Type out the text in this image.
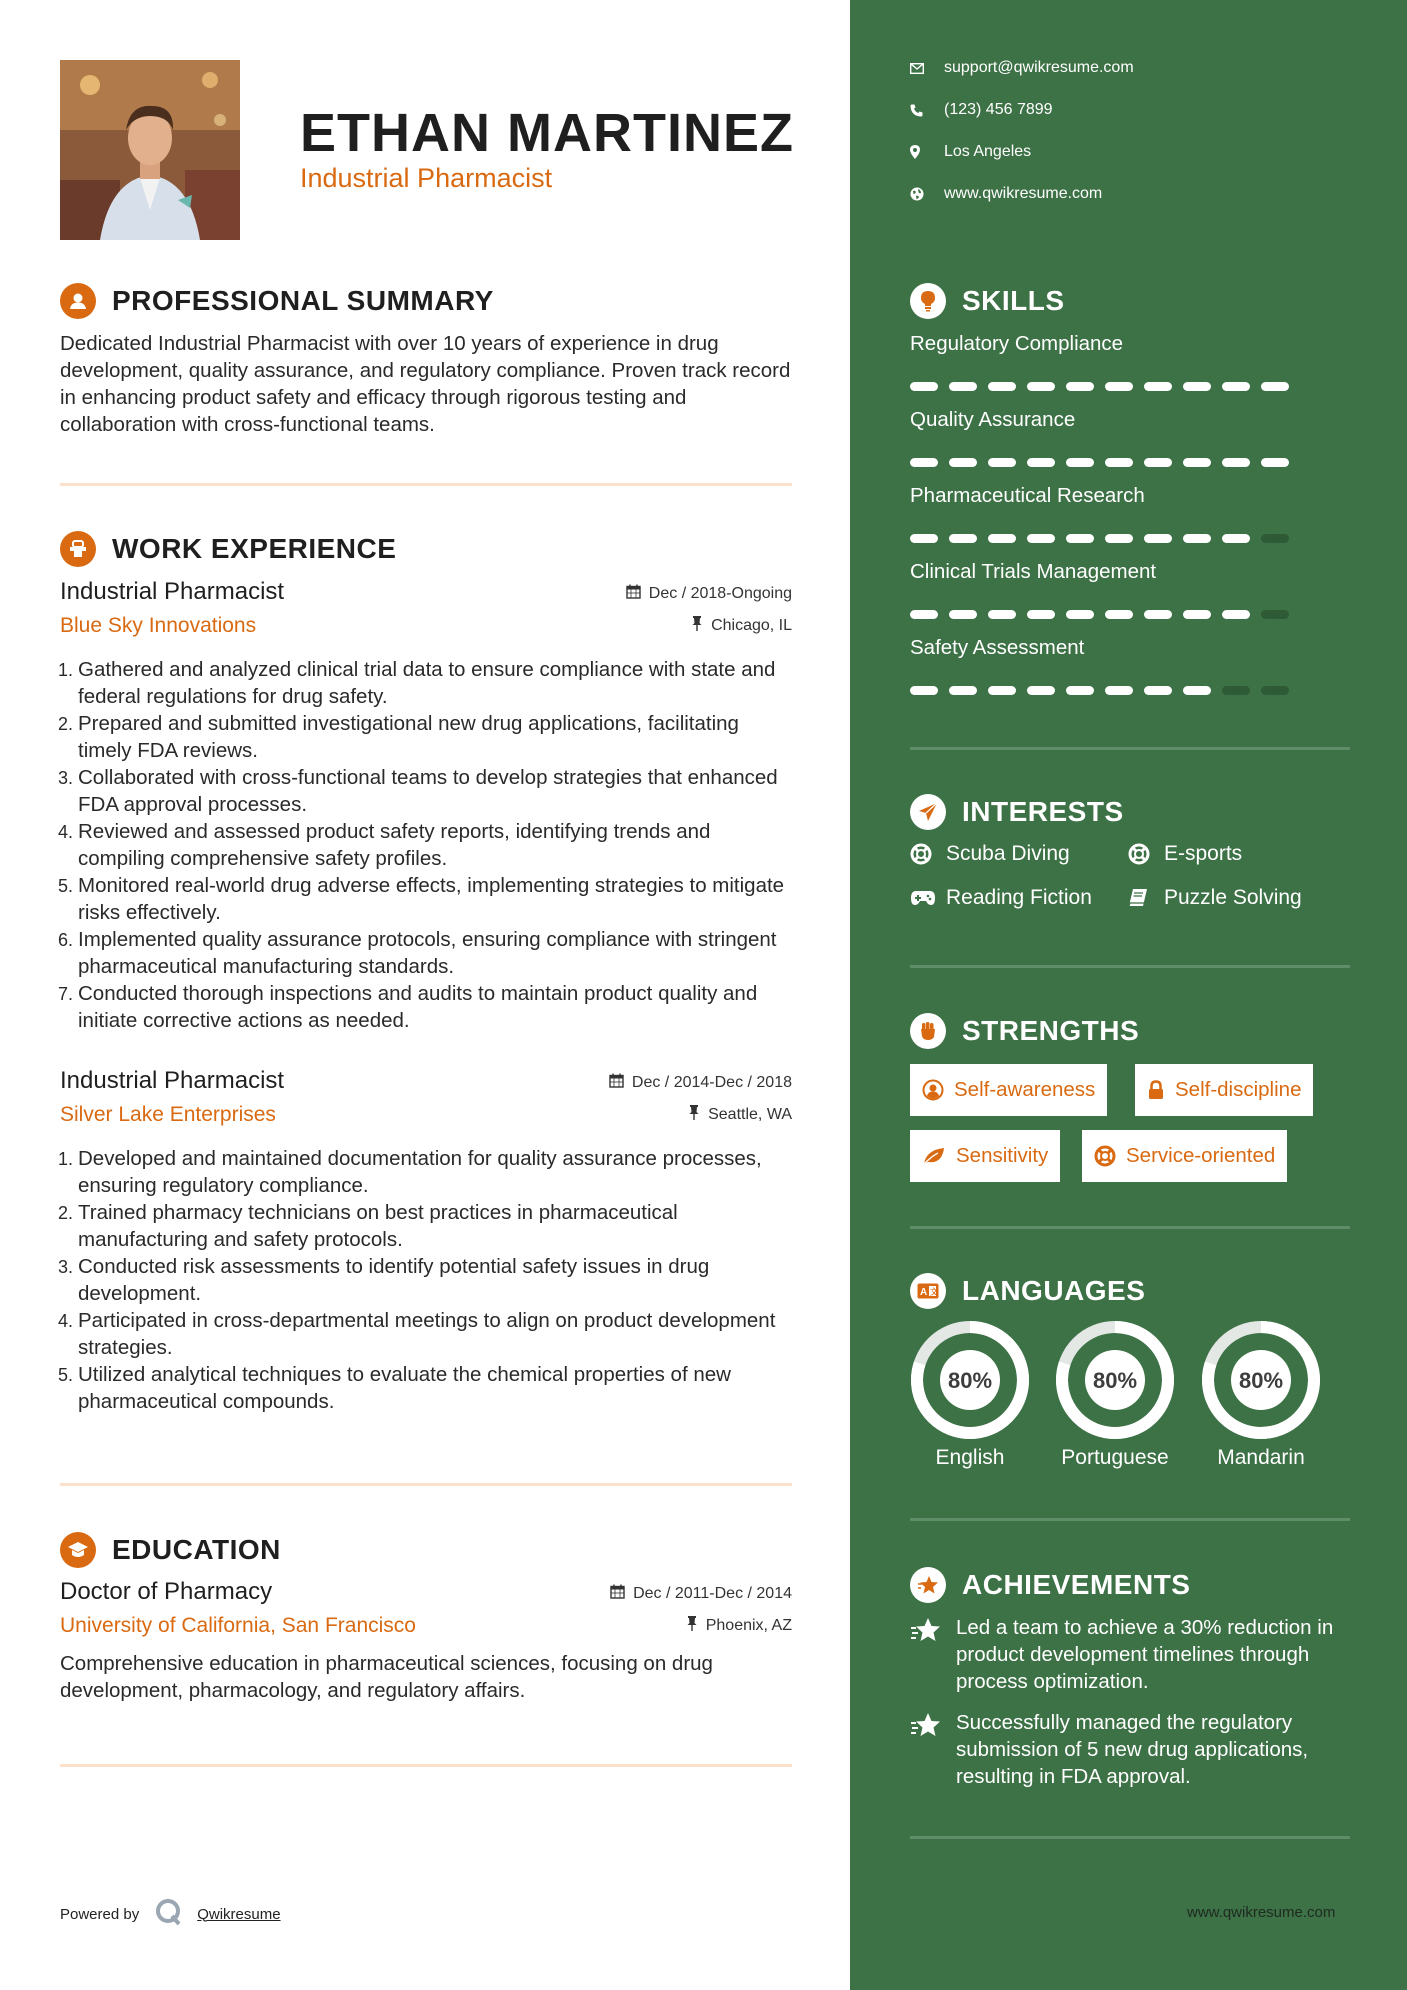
ETHAN MARTINEZ
Industrial Pharmacist
PROFESSIONAL SUMMARY
Dedicated Industrial Pharmacist with over 10 years of experience in drug development, quality assurance, and regulatory compliance. Proven track record in enhancing product safety and efficacy through rigorous testing and collaboration with cross-functional teams.
WORK EXPERIENCE
Industrial Pharmacist
Blue Sky Innovations
Dec / 2018-Ongoing
Chicago, IL
1. Gathered and analyzed clinical trial data to ensure compliance with state and federal regulations for drug safety.
2. Prepared and submitted investigational new drug applications, facilitating timely FDA reviews.
3. Collaborated with cross-functional teams to develop strategies that enhanced FDA approval processes.
4. Reviewed and assessed product safety reports, identifying trends and compiling comprehensive safety profiles.
5. Monitored real-world drug adverse effects, implementing strategies to mitigate risks effectively.
6. Implemented quality assurance protocols, ensuring compliance with stringent pharmaceutical manufacturing standards.
7. Conducted thorough inspections and audits to maintain product quality and initiate corrective actions as needed.
Industrial Pharmacist
Silver Lake Enterprises
Dec / 2014-Dec / 2018
Seattle, WA
1. Developed and maintained documentation for quality assurance processes, ensuring regulatory compliance.
2. Trained pharmacy technicians on best practices in pharmaceutical manufacturing and safety protocols.
3. Conducted risk assessments to identify potential safety issues in drug development.
4. Participated in cross-departmental meetings to align on product development strategies.
5. Utilized analytical techniques to evaluate the chemical properties of new pharmaceutical compounds.
EDUCATION
Doctor of Pharmacy
University of California, San Francisco
Dec / 2011-Dec / 2014
Phoenix, AZ
Comprehensive education in pharmaceutical sciences, focusing on drug development, pharmacology, and regulatory affairs.
Powered by	Qwikresume
support@qwikresume.com
(123) 456 7899
Los Angeles
www.qwikresume.com
SKILLS
Regulatory Compliance
Quality Assurance
Pharmaceutical Research
Clinical Trials Management
Safety Assessment
INTERESTS
Scuba Diving	E-sports
Reading Fiction	Puzzle Solving
STRENGTHS
Self-awareness	Self-discipline
Sensitivity	Service-oriented
A 文 LANGUAGES
80%
English
80%
Portuguese
80%
Mandarin
ACHIEVEMENTS
Led a team to achieve a 30% reduction in product development timelines through process optimization.
Successfully managed the regulatory submission of 5 new drug applications, resulting in FDA approval.
www.qwikresume.com
